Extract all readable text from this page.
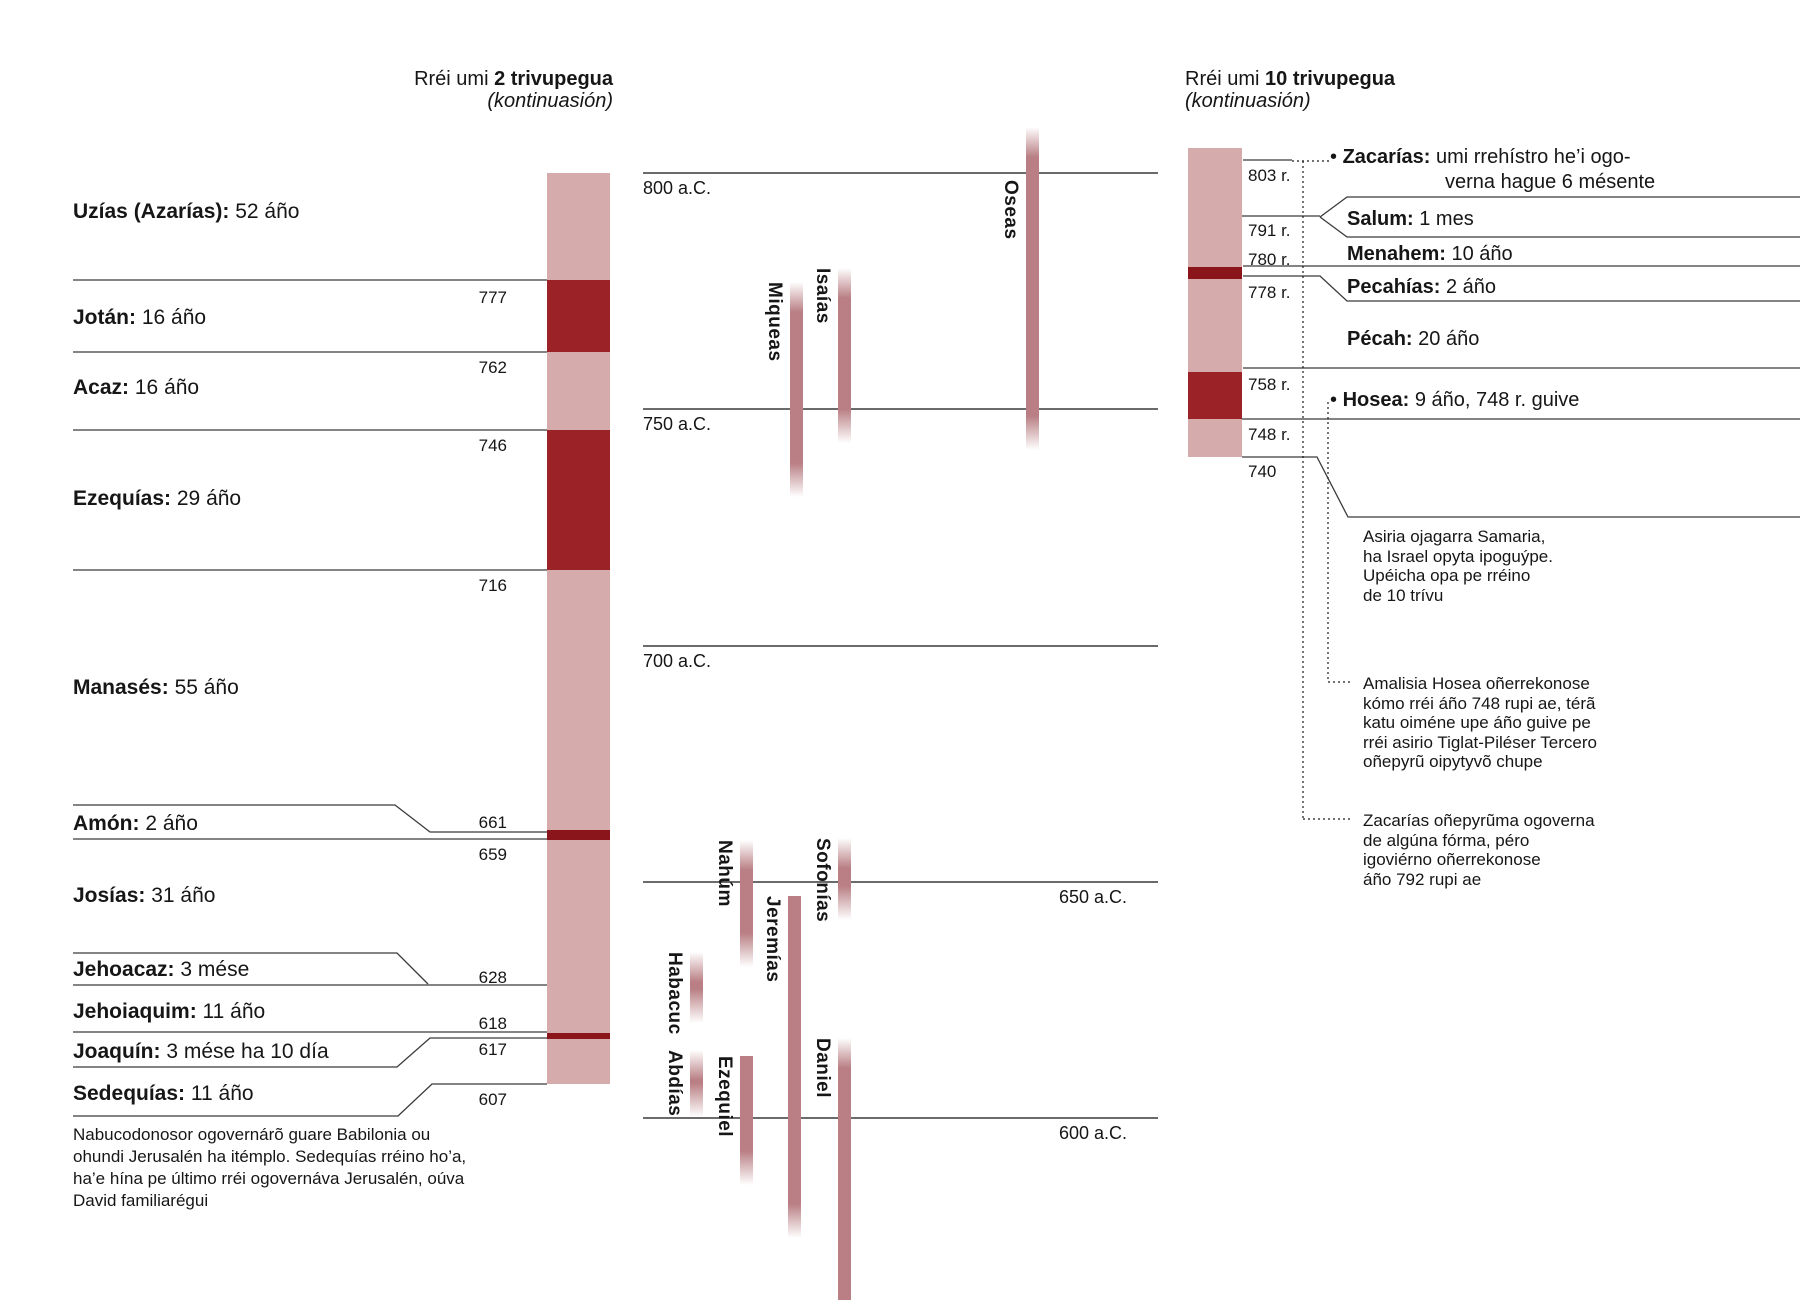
Rréi umi 2 trivupegua
(kontinuasión)
Rréi umi 10 trivupegua
(kontinuasión)
800 a.C.
750 a.C.
700 a.C.
650 a.C.
600 a.C.
Oseas
Miqueas Isaías
Nahúm	Sofonías
Jeremías
Habacuc
Abdías Ezequiel	Daniel
Uzías (Azarías): 52 áño
Jotán: 16 áño
Acaz: 16 áño
Ezequías: 29 áño
Manasés: 55 áño
Amón: 2 áño
Josías: 31 áño
Jehoacaz: 3 mése
Jehoiaquim: 11 áño
Joaquín: 3 mése ha 10 día
Sedequías: 11 áño
777
762
746
716
661
659
628
618
617
607
803 r.
791 r.
780 r.
778 r.
758 r.
748 r.
740
• Zacarías: umi rrehístro he’i ogo-
Salum: 1 mes
Menahem: 10 áño
Pecahías: 2 áño
Pécah: 20 áño
• Hosea: 9 áño, 748 r. guive
verna hague 6 mésente
Asiria ojagarra Samaria,
ha Israel opyta ipoguýpe.
Upéicha opa pe rréino
de 10 trívu
Amalisia Hosea oñerrekonose
kómo rréi áño 748 rupi ae, térã
katu oiméne upe áño guive pe
rréi asirio Tiglat-Piléser Tercero
oñepyrũ oipytyvõ chupe
Zacarías oñepyrũma ogoverna
de algúna fórma, péro
igoviérno oñerrekonose
áño 792 rupi ae
Nabucodonosor ogovernárõ guare Babilonia ou
ohundi Jerusalén ha itémplo. Sedequías rréino ho’a,
ha’e hína pe último rréi ogovernáva Jerusalén, oúva
David familiarégui
